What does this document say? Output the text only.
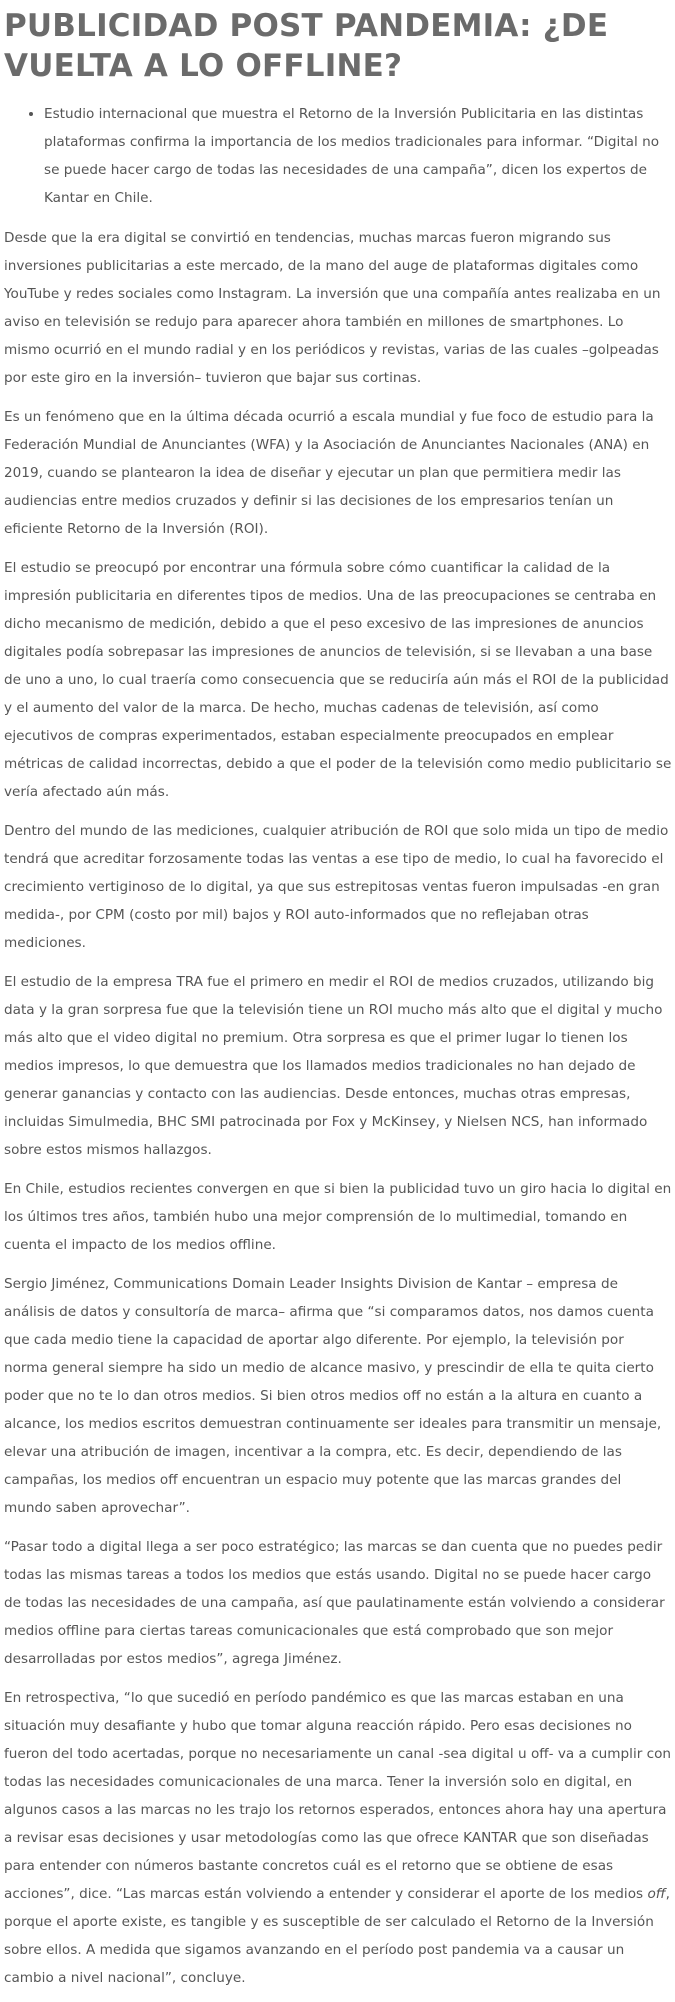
PUBLICIDAD POST PANDEMIA: ¿DE VUELTA A LO OFFLINE?
• Estudio internacional que muestra el Retorno de la Inversión Publicitaria en las distintas plataformas confirma la importancia de los medios tradicionales para informar. “Digital no se puede hacer cargo de todas las necesidades de una campaña”, dicen los expertos de Kantar en Chile.

Desde que la era digital se convirtió en tendencias, muchas marcas fueron migrando sus inversiones publicitarias a este mercado, de la mano del auge de plataformas digitales como YouTube y redes sociales como Instagram. La inversión que una compañía antes realizaba en un aviso en televisión se redujo para aparecer ahora también en millones de smartphones. Lo mismo ocurrió en el mundo radial y en los periódicos y revistas, varias de las cuales –golpeadas por este giro en la inversión– tuvieron que bajar sus cortinas.

Es un fenómeno que en la última década ocurrió a escala mundial y fue foco de estudio para la Federación Mundial de Anunciantes (WFA) y la Asociación de Anunciantes Nacionales (ANA) en 2019, cuando se plantearon la idea de diseñar y ejecutar un plan que permitiera medir las audiencias entre medios cruzados y definir si las decisiones de los empresarios tenían un eficiente Retorno de la Inversión (ROI).

El estudio se preocupó por encontrar una fórmula sobre cómo cuantificar la calidad de la impresión publicitaria en diferentes tipos de medios. Una de las preocupaciones se centraba en dicho mecanismo de medición, debido a que el peso excesivo de las impresiones de anuncios digitales podía sobrepasar las impresiones de anuncios de televisión, si se llevaban a una base de uno a uno, lo cual traería como consecuencia que se reduciría aún más el ROI de la publicidad y el aumento del valor de la marca. De hecho, muchas cadenas de televisión, así como ejecutivos de compras experimentados, estaban especialmente preocupados en emplear métricas de calidad incorrectas, debido a que el poder de la televisión como medio publicitario se vería afectado aún más.

Dentro del mundo de las mediciones, cualquier atribución de ROI que solo mida un tipo de medio tendrá que acreditar forzosamente todas las ventas a ese tipo de medio, lo cual ha favorecido el crecimiento vertiginoso de lo digital, ya que sus estrepitosas ventas fueron impulsadas -en gran medida-, por CPM (costo por mil) bajos y ROI auto-informados que no reflejaban otras mediciones.

El estudio de la empresa TRA fue el primero en medir el ROI de medios cruzados, utilizando big data y la gran sorpresa fue que la televisión tiene un ROI mucho más alto que el digital y mucho más alto que el video digital no premium. Otra sorpresa es que el primer lugar lo tienen los medios impresos, lo que demuestra que los llamados medios tradicionales no han dejado de generar ganancias y contacto con las audiencias. Desde entonces, muchas otras empresas, incluidas Simulmedia, BHC SMI patrocinada por Fox y McKinsey, y Nielsen NCS, han informado sobre estos mismos hallazgos.

En Chile, estudios recientes convergen en que si bien la publicidad tuvo un giro hacia lo digital en los últimos tres años, también hubo una mejor comprensión de lo multimedial, tomando en cuenta el impacto de los medios offline.

Sergio Jiménez, Communications Domain Leader Insights Division de Kantar – empresa de análisis de datos y consultoría de marca– afirma que “si comparamos datos, nos damos cuenta que cada medio tiene la capacidad de aportar algo diferente. Por ejemplo, la televisión por norma general siempre ha sido un medio de alcance masivo, y prescindir de ella te quita cierto poder que no te lo dan otros medios. Si bien otros medios off no están a la altura en cuanto a alcance, los medios escritos demuestran continuamente ser ideales para transmitir un mensaje, elevar una atribución de imagen, incentivar a la compra, etc. Es decir, dependiendo de las campañas, los medios off encuentran un espacio muy potente que las marcas grandes del mundo saben aprovechar”.

“Pasar todo a digital llega a ser poco estratégico; las marcas se dan cuenta que no puedes pedir todas las mismas tareas a todos los medios que estás usando. Digital no se puede hacer cargo de todas las necesidades de una campaña, así que paulatinamente están volviendo a considerar medios offline para ciertas tareas comunicacionales que está comprobado que son mejor desarrolladas por estos medios”, agrega Jiménez.

En retrospectiva, “lo que sucedió en período pandémico es que las marcas estaban en una situación muy desafiante y hubo que tomar alguna reacción rápido. Pero esas decisiones no fueron del todo acertadas, porque no necesariamente un canal -sea digital u off- va a cumplir con todas las necesidades comunicacionales de una marca. Tener la inversión solo en digital, en algunos casos a las marcas no les trajo los retornos esperados, entonces ahora hay una apertura a revisar esas decisiones y usar metodologías como las que ofrece KANTAR que son diseñadas para entender con números bastante concretos cuál es el retorno que se obtiene de esas acciones”, dice. “Las marcas están volviendo a entender y considerar el aporte de los medios off, porque el aporte existe, es tangible y es susceptible de ser calculado el Retorno de la Inversión sobre ellos. A medida que sigamos avanzando en el período post pandemia va a causar un cambio a nivel nacional”, concluye.
